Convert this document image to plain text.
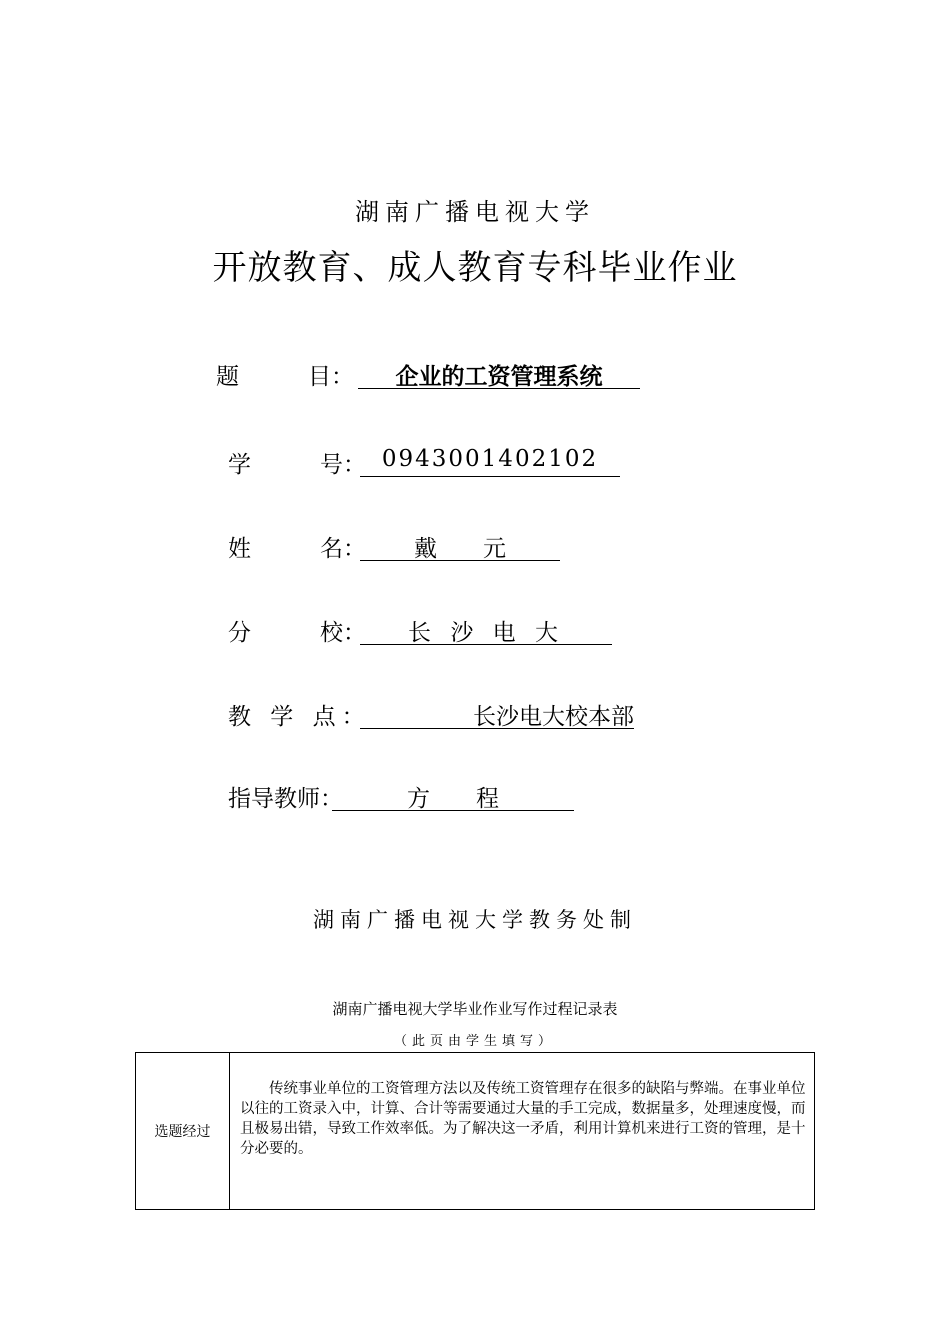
湖南广播电视大学
开放教育、成人教育专科毕业作业
题　　　目：	企业的工资管理系统
学　　　号： 0943001402102
姓　　　名：	戴　　元
分　　　校：	长 沙 电 大
教 学 点：	长沙电大校本部
指导教师：	方　　程
湖南广播电视大学教务处制
湖南广播电视大学毕业作业写作过程记录表
（此页由学生填写）
选题经过
传统事业单位的工资管理方法以及传统工资管理存在很多的缺陷与弊端。在事业单位以往的工资录入中，计算、合计等需要通过大量的手工完成，数据量多，处理速度慢，而且极易出错，导致工作效率低。为了解决这一矛盾，利用计算机来进行工资的管理，是十分必要的。
